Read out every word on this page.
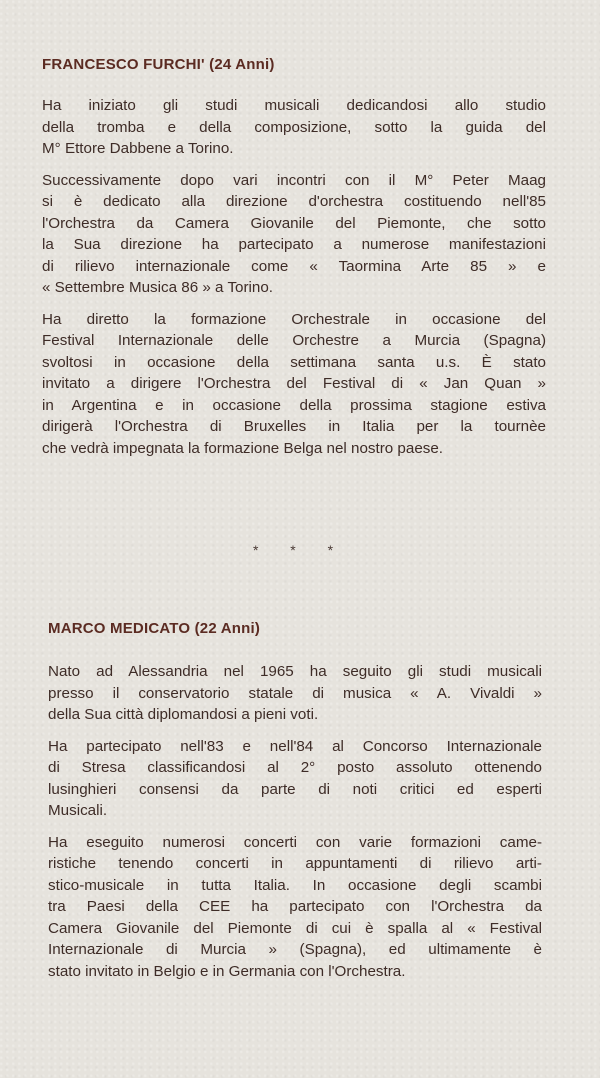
FRANCESCO FURCHI' (24 Anni)

Ha iniziato gli studi musicali dedicandosi allo studio
della tromba e della composizione, sotto la guida del
M° Ettore Dabbene a Torino.

Successivamente dopo vari incontri con il M° Peter Maag
si è dedicato alla direzione d'orchestra costituendo nell'85
l'Orchestra da Camera Giovanile del Piemonte, che sotto
la Sua direzione ha partecipato a numerose manifestazioni
di rilievo internazionale come « Taormina Arte 85 » e
« Settembre Musica 86 » a Torino.

Ha diretto la formazione Orchestrale in occasione del
Festival Internazionale delle Orchestre a Murcia (Spagna)
svoltosi in occasione della settimana santa u.s. È stato
invitato a dirigere l'Orchestra del Festival di « Jan Quan »
in Argentina e in occasione della prossima stagione estiva
dirigerà l'Orchestra di Bruxelles in Italia per la tournèe
che vedrà impegnata la formazione Belga nel nostro paese.

* * *
MARCO MEDICATO (22 Anni)

Nato ad Alessandria nel 1965 ha seguito gli studi musicali
presso il conservatorio statale di musica « A. Vivaldi »
della Sua città diplomandosi a pieni voti.

Ha partecipato nell'83 e nell'84 al Concorso Internazionale
di Stresa classificandosi al 2° posto assoluto ottenendo
lusinghieri consensi da parte di noti critici ed esperti
Musicali.

Ha eseguito numerosi concerti con varie formazioni came-
ristiche tenendo concerti in appuntamenti di rilievo arti-
stico-musicale in tutta Italia. In occasione degli scambi
tra Paesi della CEE ha partecipato con l'Orchestra da
Camera Giovanile del Piemonte di cui è spalla al « Festival
Internazionale di Murcia » (Spagna), ed ultimamente è
stato invitato in Belgio e in Germania con l'Orchestra.
